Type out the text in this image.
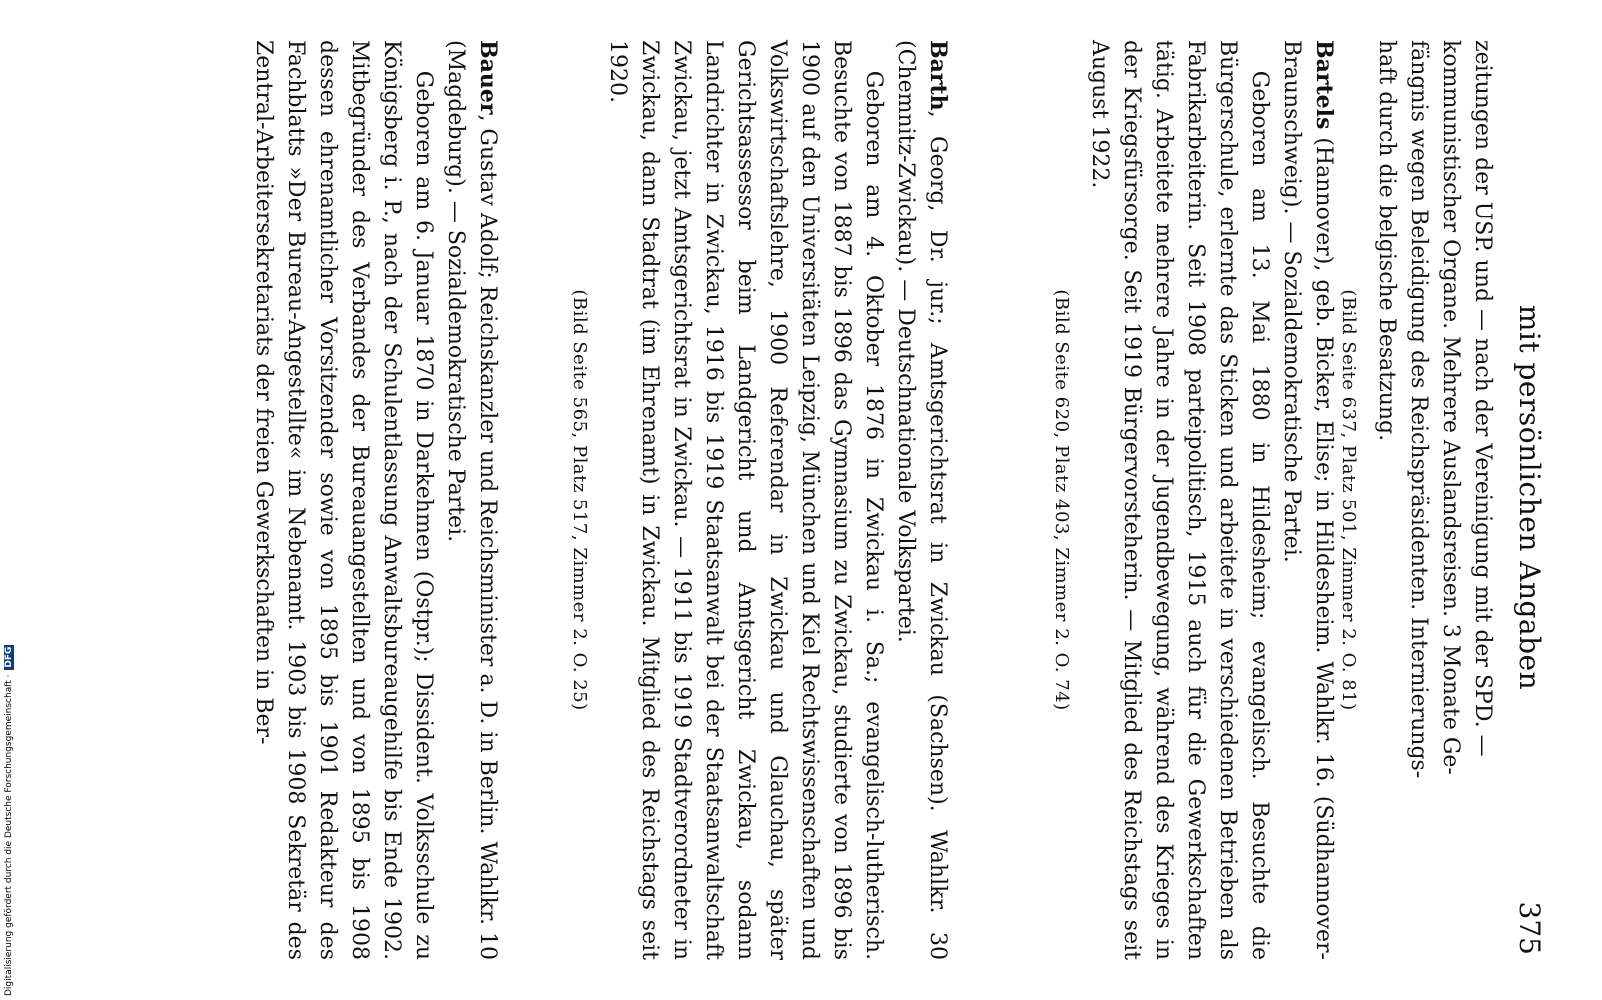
mit persönlichen Angaben
375

zeitungen der USP. und — nach der Vereinigung mit der SPD. —

kommunistischer Organe. Mehrere Auslandsreisen. 3 Monate Ge-

fängnis wegen Beleidigung des Reichspräsidenten. Internierungs-

haft durch die belgische Besatzung.

(Bild Seite 637, Platz 501, Zimmer 2. O. 81)

Bartels (Hannover), geb. Bicker, Elise; in Hildesheim. Wahlkr. 16. (Südhannover-Braunschweig). — Sozialdemokratische Partei.

Geboren am 13. Mai 1880 in Hildesheim; evangelisch. Besuchte die Bürgerschule, erlernte das Sticken und arbeitete in verschiedenen Betrieben als Fabrikarbeiterin. Seit 1908 parteipolitisch, 1915 auch für die Gewerkschaften tätig. Arbeitete mehrere Jahre in der Jugendbewegung, während des Krieges in der Kriegsfürsorge. Seit 1919 Bürgervorsteherin. — Mitglied des Reichstags seit August 1922.

(Bild Seite 620, Platz 403, Zimmer 2. O. 74)

Barth, Georg, Dr. jur.; Amtsgerichtsrat in Zwickau (Sachsen). Wahlkr. 30 (Chemnitz-Zwickau). — Deutschnationale Volkspartei.

Geboren am 4. Oktober 1876 in Zwickau i. Sa.; evangelisch-lutherisch. Besuchte von 1887 bis 1896 das Gymnasium zu Zwickau, studierte von 1896 bis 1900 auf den Universitäten Leipzig, München und Kiel Rechtswissenschaften und Volkswirtschaftslehre, 1900 Referendar in Zwickau und Glauchau, später Gerichtsassessor beim Landgericht und Amtsgericht Zwickau, sodann Landrichter in Zwickau, 1916 bis 1919 Staatsanwalt bei der Staatsanwaltschaft Zwickau, jetzt Amtsgerichtsrat in Zwickau. — 1911 bis 1919 Stadtverordneter in Zwickau, dann Stadtrat (im Ehrenamt) in Zwickau. Mitglied des Reichstags seit 1920.

(Bild Seite 565, Platz 517, Zimmer 2. O. 25)

Bauer, Gustav Adolf; Reichskanzler und Reichsminister a. D. in Berlin. Wahlkr. 10 (Magdeburg). — Sozialdemokratische Partei.

Geboren am 6. Januar 1870 in Darkehmen (Ostpr.); Dissident. Volksschule zu Königsberg i. P., nach der Schulentlassung Anwaltsbureaugehilfe bis Ende 1902. Mitbegründer des Verbandes der Bureauangestellten und von 1895 bis 1908 dessen ehrenamtlicher Vorsitzender sowie von 1895 bis 1901 Redakteur des Fachblatts »Der Bureau-Angestellte« im Nebenamt. 1903 bis 1908 Sekretär des Zentral-Arbeitersekretariats der freien Gewerkschaften in Ber-

Digitalisierung gefördert durch die Deutsche Forschungsgemeinschaft · DFG
